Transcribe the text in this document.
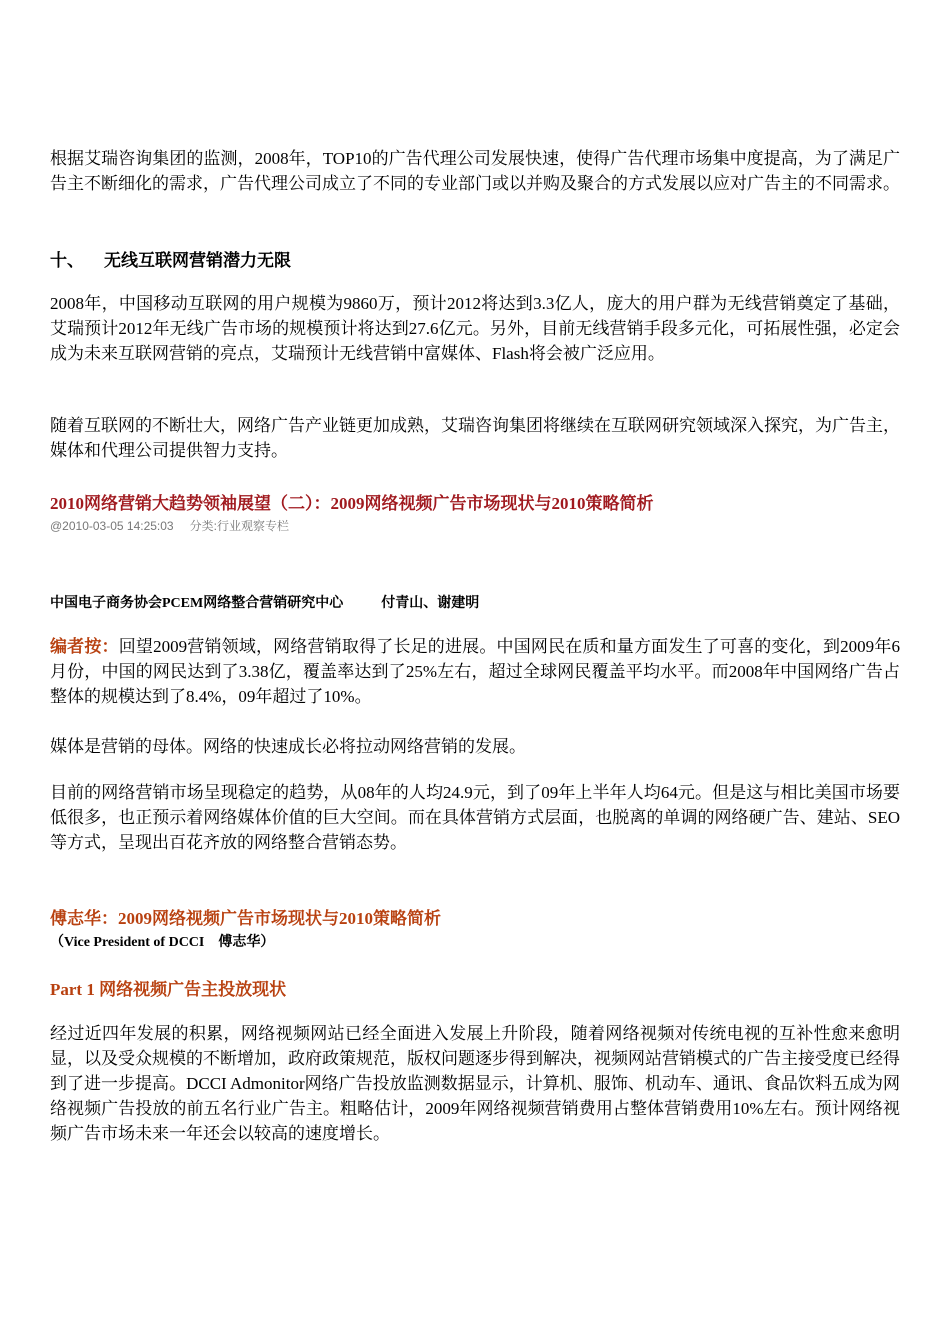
根据艾瑞咨询集团的监测，2008年，TOP10的广告代理公司发展快速，使得广告代理市场集中度提高，为了满足广告主不断细化的需求，广告代理公司成立了不同的专业部门或以并购及聚合的方式发展以应对广告主的不同需求。

十、 无线互联网营销潜力无限

2008年，中国移动互联网的用户规模为9860万，预计2012将达到3.3亿人，庞大的用户群为无线营销奠定了基础，艾瑞预计2012年无线广告市场的规模预计将达到27.6亿元。另外，目前无线营销手段多元化，可拓展性强，必定会成为未来互联网营销的亮点，艾瑞预计无线营销中富媒体、Flash将会被广泛应用。

随着互联网的不断壮大，网络广告产业链更加成熟，艾瑞咨询集团将继续在互联网研究领域深入探究，为广告主，媒体和代理公司提供智力支持。

2010网络营销大趋势领袖展望（二）：2009网络视频广告市场现状与2010策略简析
@2010-03-05 14:25:03 分类:行业观察专栏
中国电子商务协会PCEM网络整合营销研究中心	付青山、谢建明

编者按：回望2009营销领域，网络营销取得了长足的进展。中国网民在质和量方面发生了可喜的变化，到2009年6月份，中国的网民达到了3.38亿，覆盖率达到了25%左右，超过全球网民覆盖平均水平。而2008年中国网络广告占整体的规模达到了8.4%，09年超过了10%。

媒体是营销的母体。网络的快速成长必将拉动网络营销的发展。

目前的网络营销市场呈现稳定的趋势，从08年的人均24.9元，到了09年上半年人均64元。但是这与相比美国市场要低很多，也正预示着网络媒体价值的巨大空间。而在具体营销方式层面，也脱离的单调的网络硬广告、建站、SEO等方式，呈现出百花齐放的网络整合营销态势。

傅志华：2009网络视频广告市场现状与2010策略简析
（Vice President of DCCI　傅志华）
Part 1 网络视频广告主投放现状

经过近四年发展的积累，网络视频网站已经全面进入发展上升阶段，随着网络视频对传统电视的互补性愈来愈明显，以及受众规模的不断增加，政府政策规范，版权问题逐步得到解决，视频网站营销模式的广告主接受度已经得到了进一步提高。DCCI Admonitor网络广告投放监测数据显示，计算机、服饰、机动车、通讯、食品饮料五成为网络视频广告投放的前五名行业广告主。粗略估计，2009年网络视频营销费用占整体营销费用10%左右。预计网络视频广告市场未来一年还会以较高的速度增长。
